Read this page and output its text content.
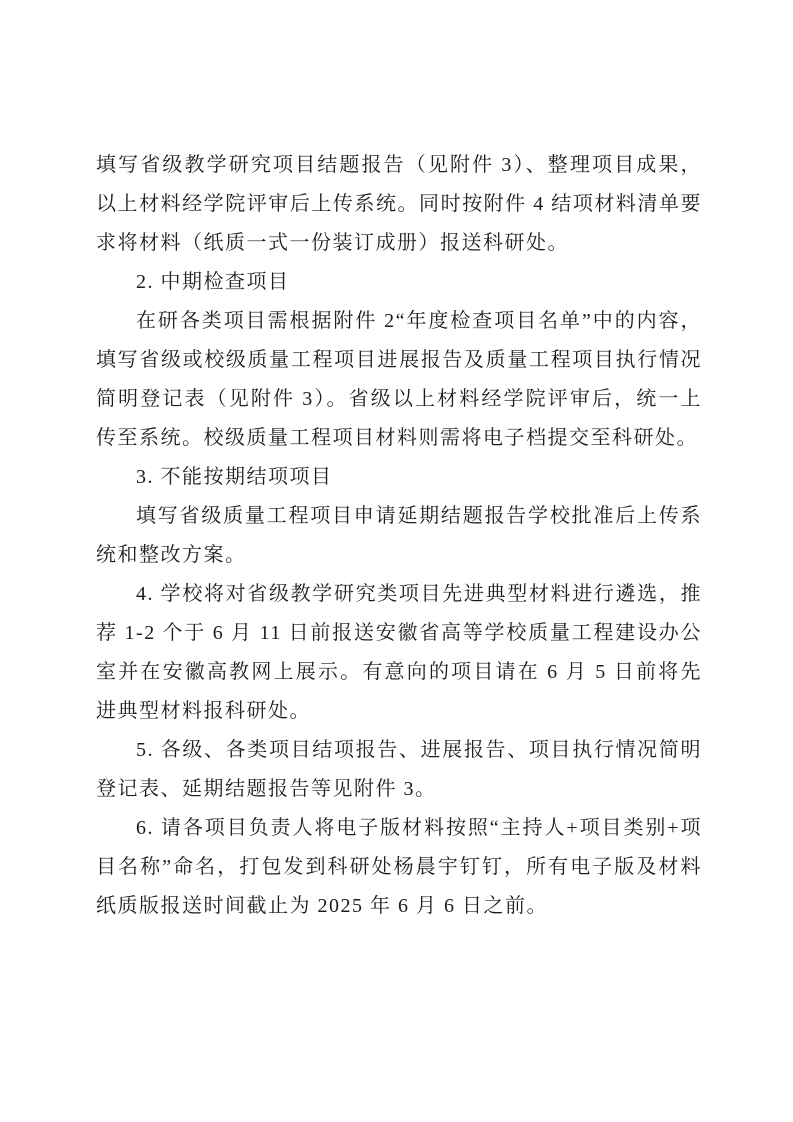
填写省级教学研究项目结题报告（见附件 3）、整理项目成果，以上材料经学院评审后上传系统。同时按附件 4 结项材料清单要求将材料（纸质一式一份装订成册）报送科研处。

2. 中期检查项目

在研各类项目需根据附件 2“年度检查项目名单”中的内容，填写省级或校级质量工程项目进展报告及质量工程项目执行情况简明登记表（见附件 3）。省级以上材料经学院评审后，统一上传至系统。校级质量工程项目材料则需将电子档提交至科研处。

3. 不能按期结项项目

填写省级质量工程项目申请延期结题报告学校批准后上传系统和整改方案。

4. 学校将对省级教学研究类项目先进典型材料进行遴选，推荐 1-2 个于 6 月 11 日前报送安徽省高等学校质量工程建设办公室并在安徽高教网上展示。有意向的项目请在 6 月 5 日前将先进典型材料报科研处。

5. 各级、各类项目结项报告、进展报告、项目执行情况简明登记表、延期结题报告等见附件 3。

6. 请各项目负责人将电子版材料按照“主持人+项目类别+项目名称”命名，打包发到科研处杨晨宇钉钉，所有电子版及材料纸质版报送时间截止为 2025 年 6 月 6 日之前。
